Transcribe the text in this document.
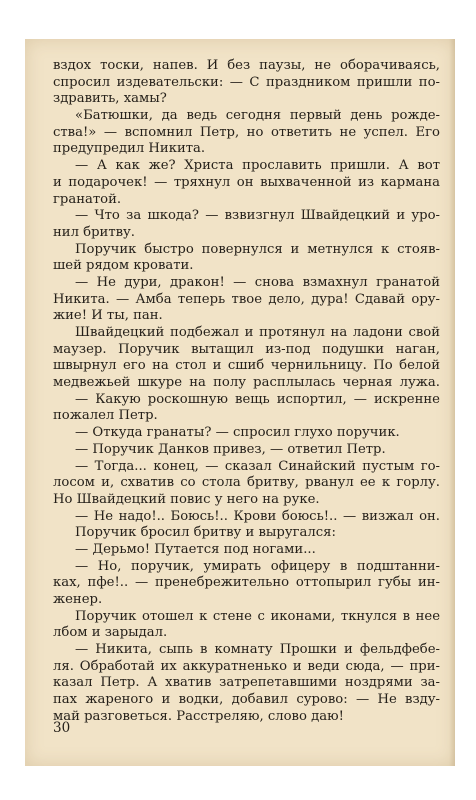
вздох тоски, напев. И без паузы, не оборачиваясь,
спросил издевательски: — С праздником пришли по-
здравить, хамы?
«Батюшки, да ведь сегодня первый день рожде-
ства!» — вспомнил Петр, но ответить не успел. Его
предупредил Никита.
— А как же? Христа прославить пришли. А вот
и подарочек! — тряхнул он выхваченной из кармана
гранатой.
— Что за шкода? — взвизгнул Швайдецкий и уро-
нил бритву.
Поручик быстро повернулся и метнулся к стояв-
шей рядом кровати.
— Не дури, дракон! — снова взмахнул гранатой
Никита. — Амба теперь твое дело, дура! Сдавай ору-
жие! И ты, пан.
Швайдецкий подбежал и протянул на ладони свой
маузер. Поручик вытащил из-под подушки наган,
швырнул его на стол и сшиб чернильницу. По белой
медвежьей шкуре на полу расплылась черная лужа.
— Какую роскошную вещь испортил, — искренне
пожалел Петр.
— Откуда гранаты? — спросил глухо поручик.
— Поручик Данков привез, — ответил Петр.
— Тогда... конец, — сказал Синайский пустым го-
лосом и, схватив со стола бритву, рванул ее к горлу.
Но Швайдецкий повис у него на руке.
— Не надо!.. Боюсь!.. Крови боюсь!.. — визжал он.
Поручик бросил бритву и выругался:
— Дерьмо! Путается под ногами...
— Но, поручик, умирать офицеру в подштанни-
ках, пфе!.. — пренебрежительно оттопырил губы ин-
женер.
Поручик отошел к стене с иконами, ткнулся в нее
лбом и зарыдал.
— Никита, сыпь в комнату Прошки и фельдфебе-
ля. Обработай их аккуратненько и веди сюда, — при-
казал Петр. А хватив затрепетавшими ноздрями за-
пах жареного и водки, добавил сурово: — Не взду-
май разговеться. Расстреляю, слово даю!
30
